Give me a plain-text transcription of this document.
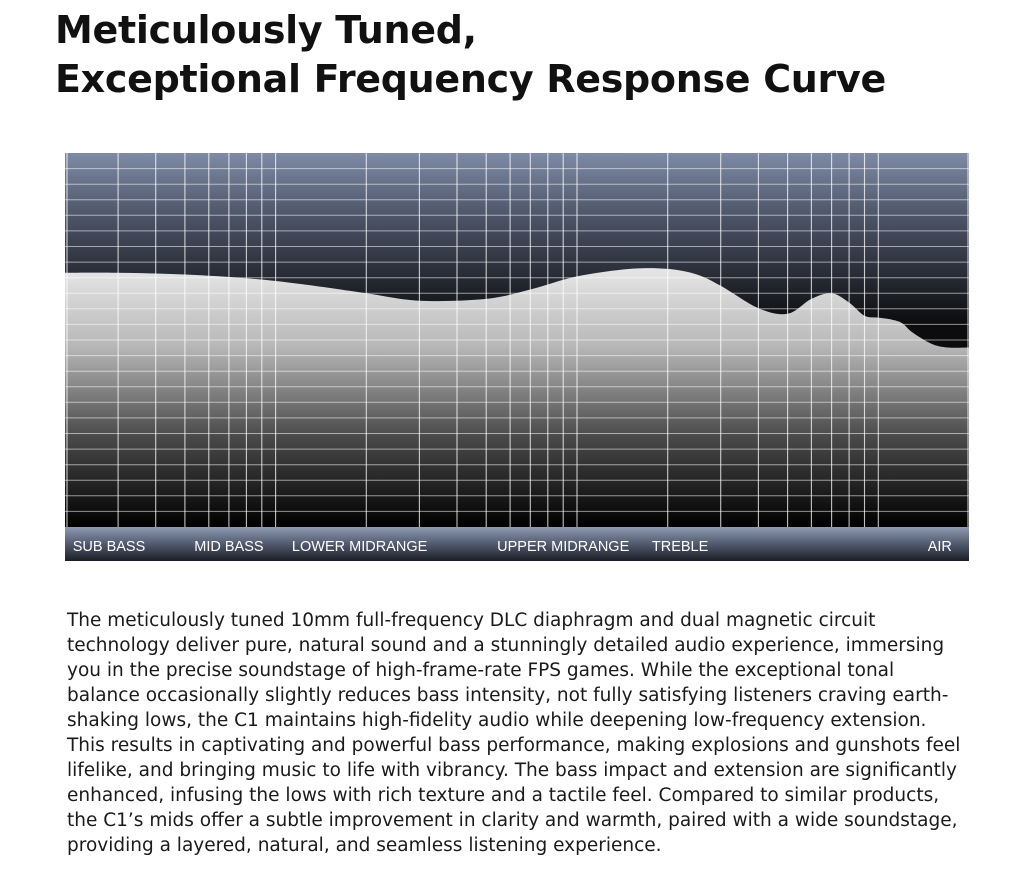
Meticulously Tuned,
Exceptional Frequency Response Curve
SUB BASS	MID BASS LOWER MIDRANGE	UPPER MIDRANGE TREBLE	AIR

The meticulously tuned 10mm full-frequency DLC diaphragm and dual magnetic circuit technology deliver pure, natural sound and a stunningly detailed audio experience, immersing you in the precise soundstage of high-frame-rate FPS games. While the exceptional tonal balance occasionally slightly reduces bass intensity, not fully satisfying listeners craving earth-shaking lows, the C1 maintains high-fidelity audio while deepening low-frequency extension. This results in captivating and powerful bass performance, making explosions and gunshots feel lifelike, and bringing music to life with vibrancy. The bass impact and extension are significantly enhanced, infusing the lows with rich texture and a tactile feel. Compared to similar products, the C1’s mids offer a subtle improvement in clarity and warmth, paired with a wide soundstage, providing a layered, natural, and seamless listening experience.
